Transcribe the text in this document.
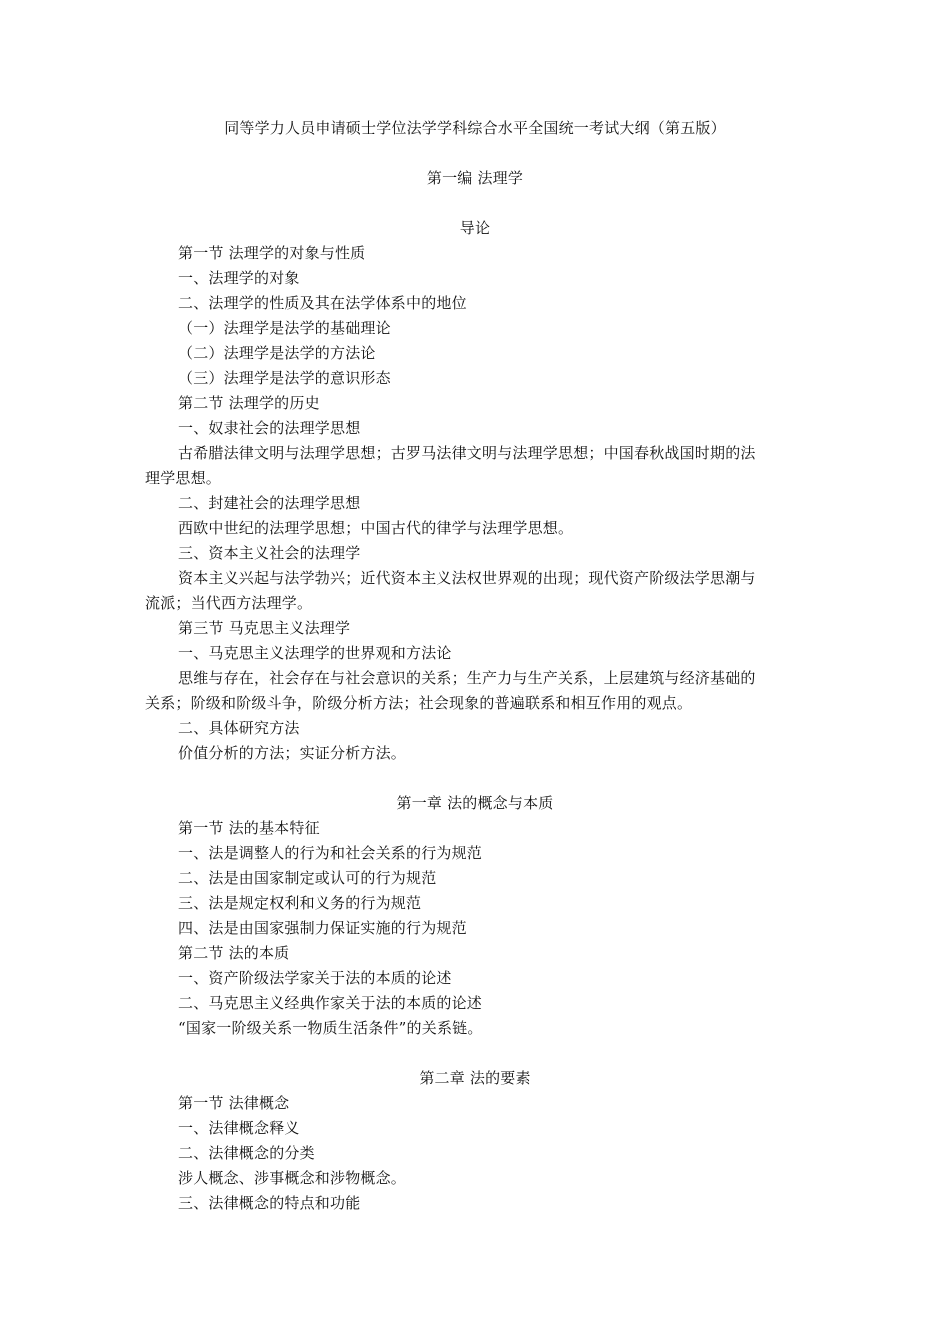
同等学力人员申请硕士学位法学学科综合水平全国统一考试大纲（第五版）
第一编 法理学
导论
第一节 法理学的对象与性质
一、法理学的对象
二、法理学的性质及其在法学体系中的地位
（一）法理学是法学的基础理论
（二）法理学是法学的方法论
（三）法理学是法学的意识形态
第二节 法理学的历史
一、奴隶社会的法理学思想
古希腊法律文明与法理学思想；古罗马法律文明与法理学思想；中国春秋战国时期的法
理学思想。
二、封建社会的法理学思想
西欧中世纪的法理学思想；中国古代的律学与法理学思想。
三、资本主义社会的法理学
资本主义兴起与法学勃兴；近代资本主义法权世界观的出现；现代资产阶级法学思潮与
流派；当代西方法理学。
第三节 马克思主义法理学
一、马克思主义法理学的世界观和方法论
思维与存在，社会存在与社会意识的关系；生产力与生产关系，上层建筑与经济基础的
关系；阶级和阶级斗争，阶级分析方法；社会现象的普遍联系和相互作用的观点。
二、具体研究方法
价值分析的方法；实证分析方法。
第一章 法的概念与本质
第一节 法的基本特征
一、法是调整人的行为和社会关系的行为规范
二、法是由国家制定或认可的行为规范
三、法是规定权利和义务的行为规范
四、法是由国家强制力保证实施的行为规范
第二节 法的本质
一、资产阶级法学家关于法的本质的论述
二、马克思主义经典作家关于法的本质的论述
“国家一阶级关系一物质生活条件”的关系链。
第二章 法的要素
第一节 法律概念
一、法律概念释义
二、法律概念的分类
涉人概念、涉事概念和涉物概念。
三、法律概念的特点和功能
